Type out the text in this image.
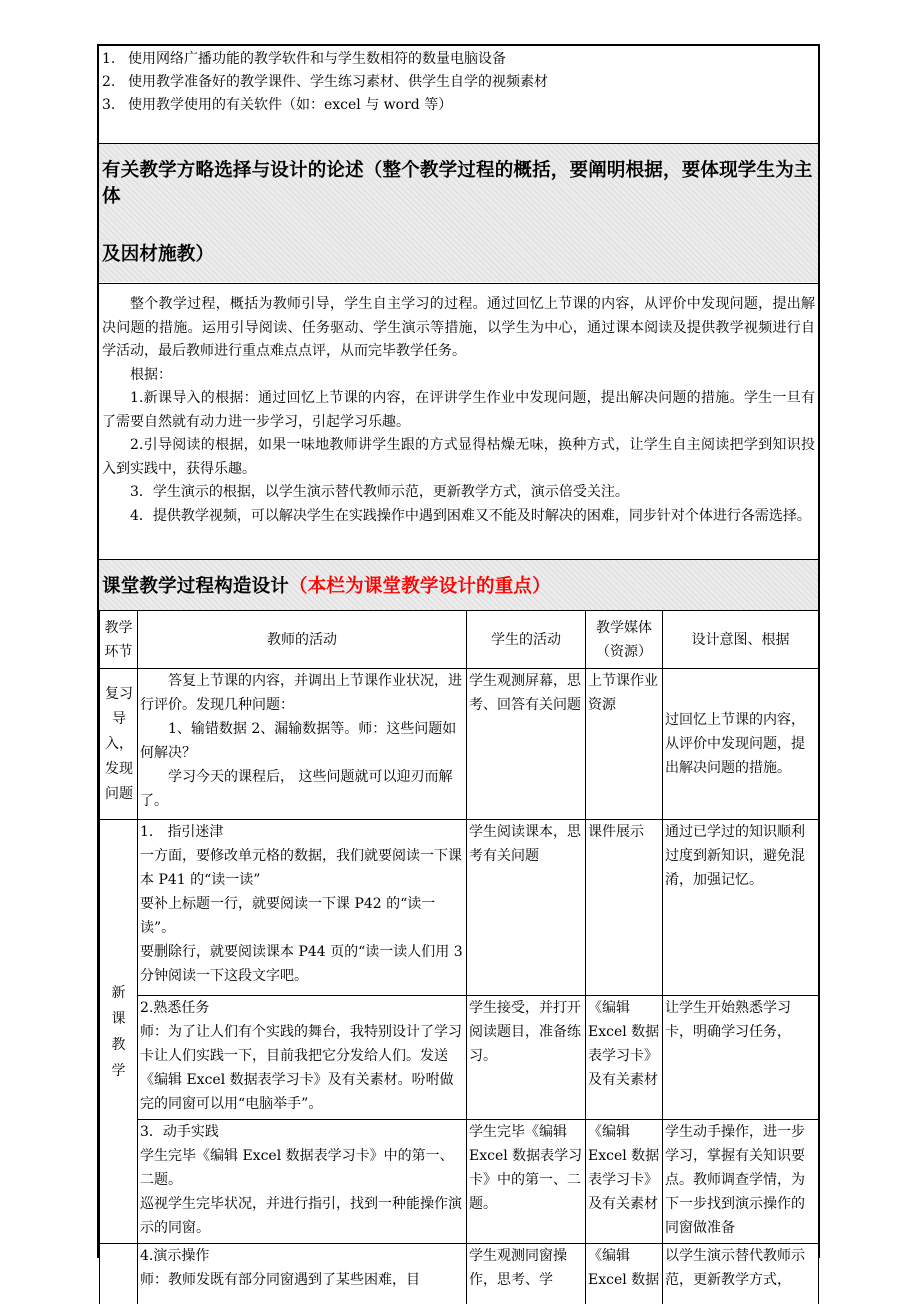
1. 使用网络广播功能的教学软件和与学生数相符的数量电脑设备
2. 使用教学准备好的教学课件、学生练习素材、供学生自学的视频素材
3. 使用教学使用的有关软件（如：excel 与 word 等）
有关教学方略选择与设计的论述（整个教学过程的概括，要阐明根据，要体现学生为主体
及因材施教）

整个教学过程，概括为教师引导，学生自主学习的过程。通过回忆上节课的内容，从评价中发现问题，提出解决问题的措施。运用引导阅读、任务驱动、学生演示等措施，以学生为中心，通过课本阅读及提供教学视频进行自学活动，最后教师进行重点难点点评，从而完毕教学任务。

根据：

1.新课导入的根据：通过回忆上节课的内容，在评讲学生作业中发现问题，提出解决问题的措施。学生一旦有了需要自然就有动力进一步学习，引起学习乐趣。

2.引导阅读的根据，如果一味地教师讲学生跟的方式显得枯燥无味，换种方式，让学生自主阅读把学到知识投入到实践中，获得乐趣。

3．学生演示的根据，以学生演示替代教师示范，更新教学方式，演示倍受关注。

4．提供教学视频，可以解决学生在实践操作中遇到困难又不能及时解决的困难，同步针对个体进行各需选择。

课堂教学过程构造设计（本栏为课堂教学设计的重点）
教学环节	教师的活动	学生的活动	教学媒体（资源）	设计意图、根据

复习导入，发现问题	答复上节课的内容，并调出上节课作业状况，进行评价。发现几种问题：
1、输错数据 2、漏输数据等。师：这些问题如何解决？
学习今天的课程后， 这些问题就可以迎刃而解了。	学生观测屏幕，思考、回答有关问题	上节课作业资源	过回忆上节课的内容，从评价中发现问题，提出解决问题的措施。

新课教学	1． 指引迷津
一方面，要修改单元格的数据，我们就要阅读一下课本 P41 的“读一读”
要补上标题一行，就要阅读一下课 P42 的“读一读”。
要删除行，就要阅读课本 P44 页的“读一读人们用 3 分钟阅读一下这段文字吧。	学生阅读课本，思考有关问题	课件展示	通过已学过的知识顺利过度到新知识，避免混淆，加强记忆。

	2.熟悉任务
师：为了让人们有个实践的舞台，我特别设计了学习卡让人们实践一下，目前我把它分发给人们。发送《编辑 Excel 数据表学习卡》及有关素材。吩咐做完的同窗可以用“电脑举手”。	学生接受，并打开阅读题目，准备练习。	《编辑Excel 数据表学习卡》及有关素材	让学生开始熟悉学习卡，明确学习任务，

	3．动手实践
学生完毕《编辑 Excel 数据表学习卡》中的第一、二题。
巡视学生完毕状况，并进行指引，找到一种能操作演示的同窗。	学生完毕《编辑Excel 数据表学习卡》中的第一、二题。	《编辑Excel 数据表学习卡》及有关素材	学生动手操作，进一步学习，掌握有关知识要点。教师调查学情，为下一步找到演示操作的同窗做准备

	4.演示操作
师：教师发既有部分同窗遇到了某些困难，目	学生观测同窗操作，思考、学	《编辑Excel 数据	以学生演示替代教师示范，更新教学方式，
